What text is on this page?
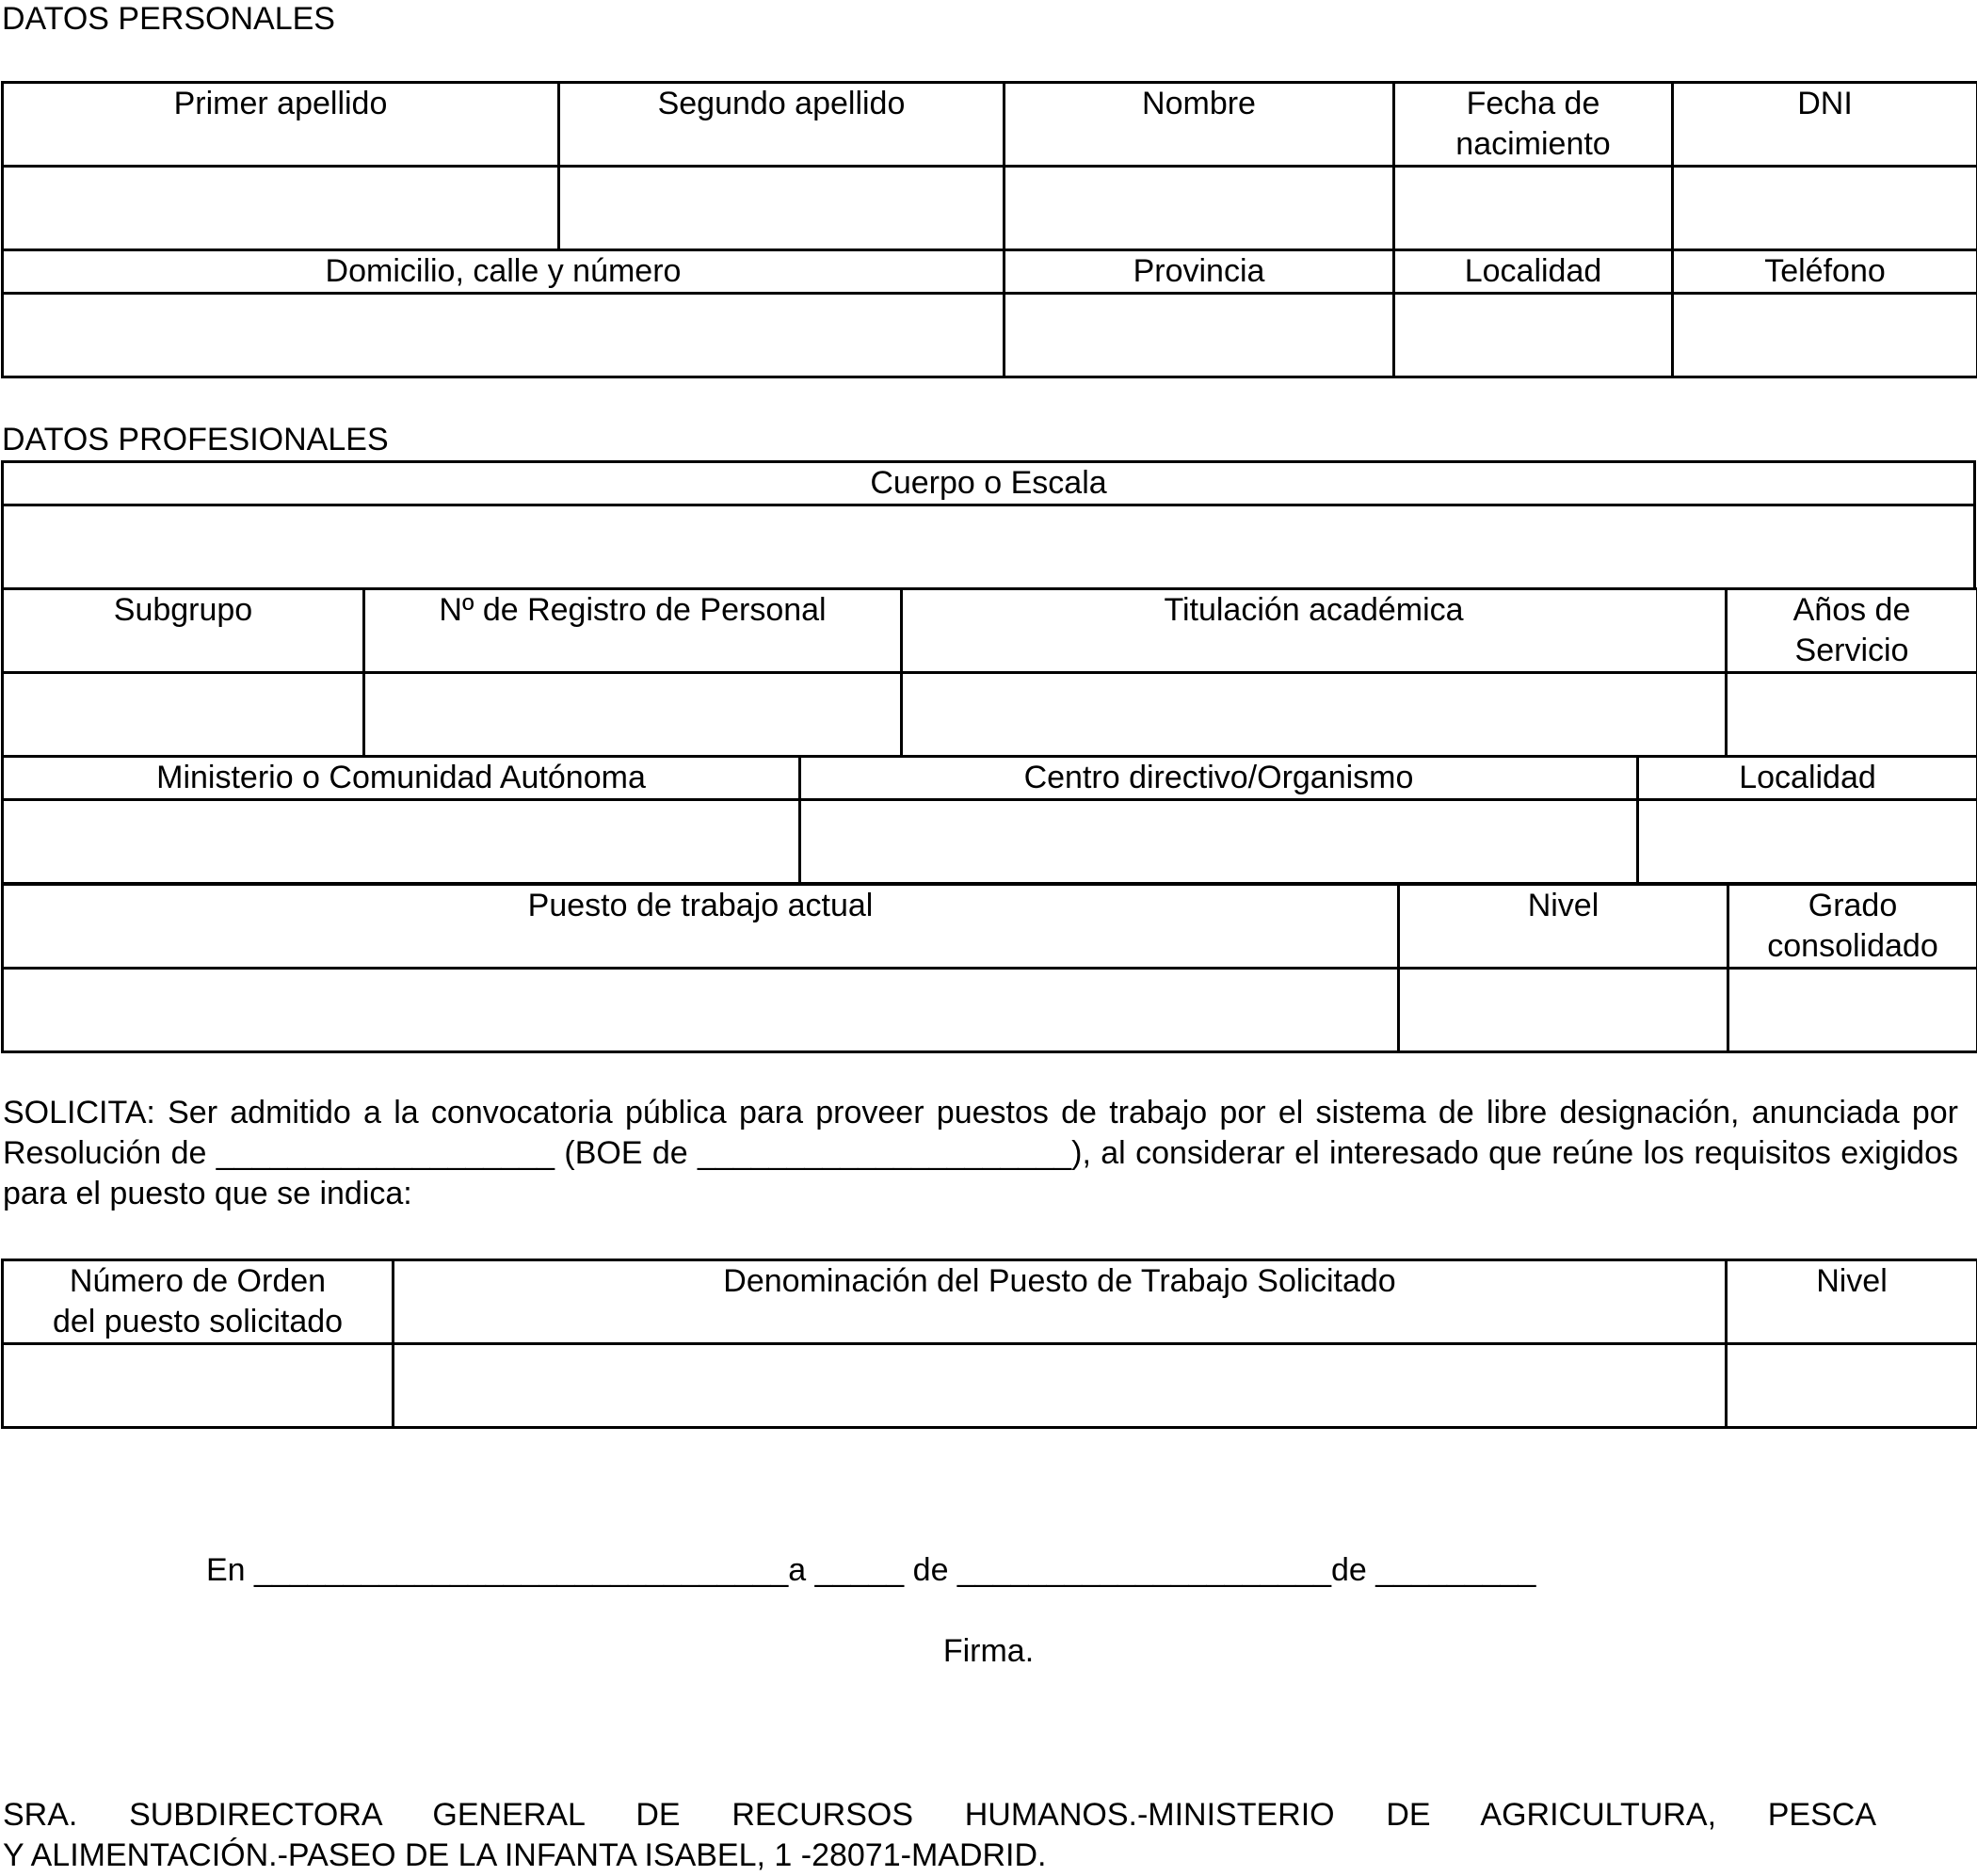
DATOS PERSONALES
Primer apellido	Segundo apellido	Nombre	Fecha de
nacimiento	DNI

Domicilio, calle y número		Provincia	Localidad	Teléfono

DATOS PROFESIONALES
Cuerpo o Escala

Subgrupo	Nº de Registro de Personal	Titulación académica	Años de
Servicio

Ministerio o Comunidad Autónoma	Centro directivo/Organismo	Localidad

Puesto de trabajo actual	Nivel	Grado
consolidado

SOLICITA: Ser admitido a la convocatoria pública para proveer puestos de trabajo por el sistema de libre designación, anunciada por Resolución de ___________________ (BOE de _____________________), al considerar el interesado que reúne los requisitos exigidos para el puesto que se indica:

Número de Orden
del puesto solicitado	Denominación del Puesto de Trabajo Solicitado	Nivel

En ______________________________a _____ de _____________________de _________

Firma.

SRA. SUBDIRECTORA GENERAL DE RECURSOS HUMANOS.-MINISTERIO DE AGRICULTURA, PESCA
Y ALIMENTACIÓN.-PASEO DE LA INFANTA ISABEL, 1 -28071-MADRID.
